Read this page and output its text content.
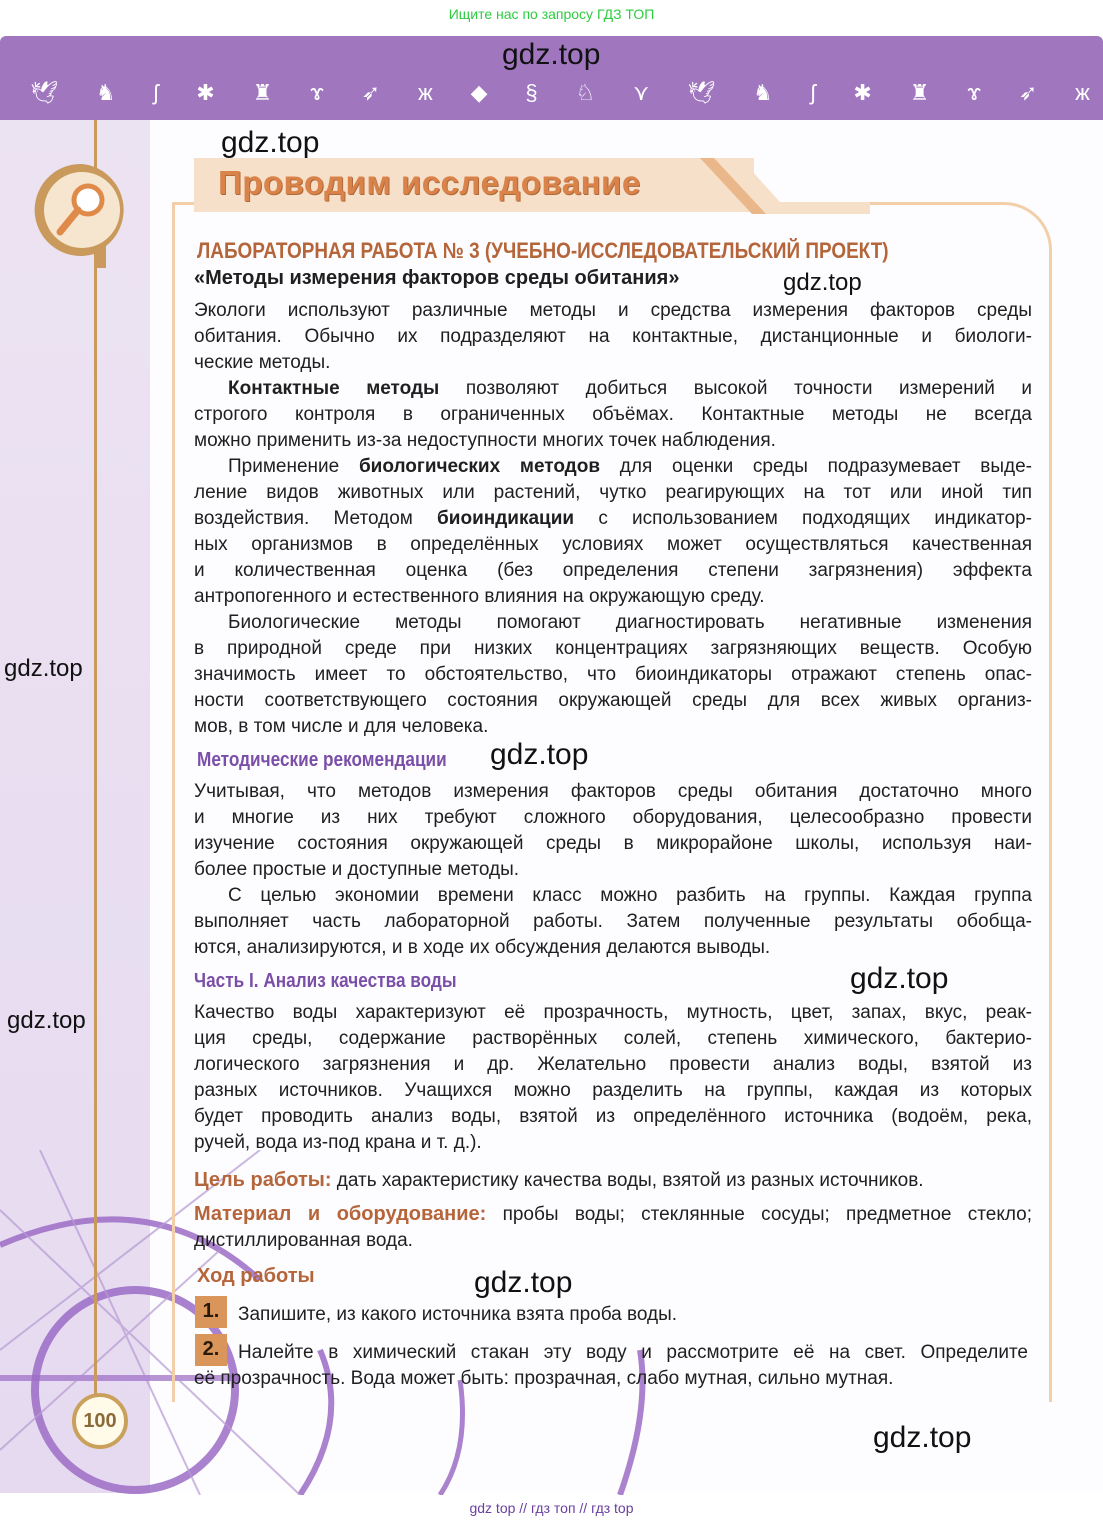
Ищите нас по запросу ГДЗ ТОП
🕊 ♞ ʃ ✱ ♜ ɤ ➶ ж ◆ § ♘ ⋎ 🕊 ♞ ʃ ✱ ♜ ɤ ➶ ж
gdz.top
100
Проводим исследование
gdz.top
ЛАБОРАТОРНАЯ РАБОТА № 3 (УЧЕБНО-ИССЛЕДОВАТЕЛЬСКИЙ ПРОЕКТ)
«Методы измерения факторов среды обитания»	gdz.top
Экологи используют различные методы и средства измерения факторов среды
обитания. Обычно их подразделяют на контактные, дистанционные и биологи-
ческие методы.
Контактные методы позволяют добиться высокой точности измерений и
строгого контроля в ограниченных объёмах. Контактные методы не всегда
можно применить из-за недоступности многих точек наблюдения.
Применение биологических методов для оценки среды подразумевает выде-
ление видов животных или растений, чутко реагирующих на тот или иной тип
воздействия. Методом биоиндикации с использованием подходящих индикатор-
ных организмов в определённых условиях может осуществляться качественная
и количественная оценка (без определения степени загрязнения) эффекта
антропогенного и естественного влияния на окружающую среду.
Биологические методы помогают диагностировать негативные изменения
в природной среде при низких концентрациях загрязняющих веществ. Особую
значимость имеет то обстоятельство, что биоиндикаторы отражают степень опас-
ности соответствующего состояния окружающей среды для всех живых организ-
мов, в том числе и для человека.
Методические рекомендации gdz.top
Учитывая, что методов измерения факторов среды обитания достаточно много
и многие из них требуют сложного оборудования, целесообразно провести
изучение состояния окружающей среды в микрорайоне школы, используя наи-
более простые и доступные методы.
С целью экономии времени класс можно разбить на группы. Каждая группа
выполняет часть лабораторной работы. Затем полученные результаты обобща-
ются, анализируются, и в ходе их обсуждения делаются выводы.
Часть I. Анализ качества воды	gdz.top
Качество воды характеризуют её прозрачность, мутность, цвет, запах, вкус, реак-
ция среды, содержание растворённых солей, степень химического, бактерио-
логического загрязнения и др. Желательно провести анализ воды, взятой из
разных источников. Учащихся можно разделить на группы, каждая из которых
будет проводить анализ воды, взятой из определённого источника (водоём, река,
ручей, вода из-под крана и т. д.).
Цель работы: дать характеристику качества воды, взятой из разных источников.
Материал и оборудование: пробы воды; стеклянные сосуды; предметное стекло;
дистиллированная вода.
Ход работы	gdz.top
1. Запишите, из какого источника взята проба воды.
2. Налейте в химический стакан эту воду и рассмотрите её на свет. Определите
её прозрачность. Вода может быть: прозрачная, слабо мутная, сильно мутная.
gdz.top
gdz.top
gdz.top
gdz top // гдз топ // гдз top
